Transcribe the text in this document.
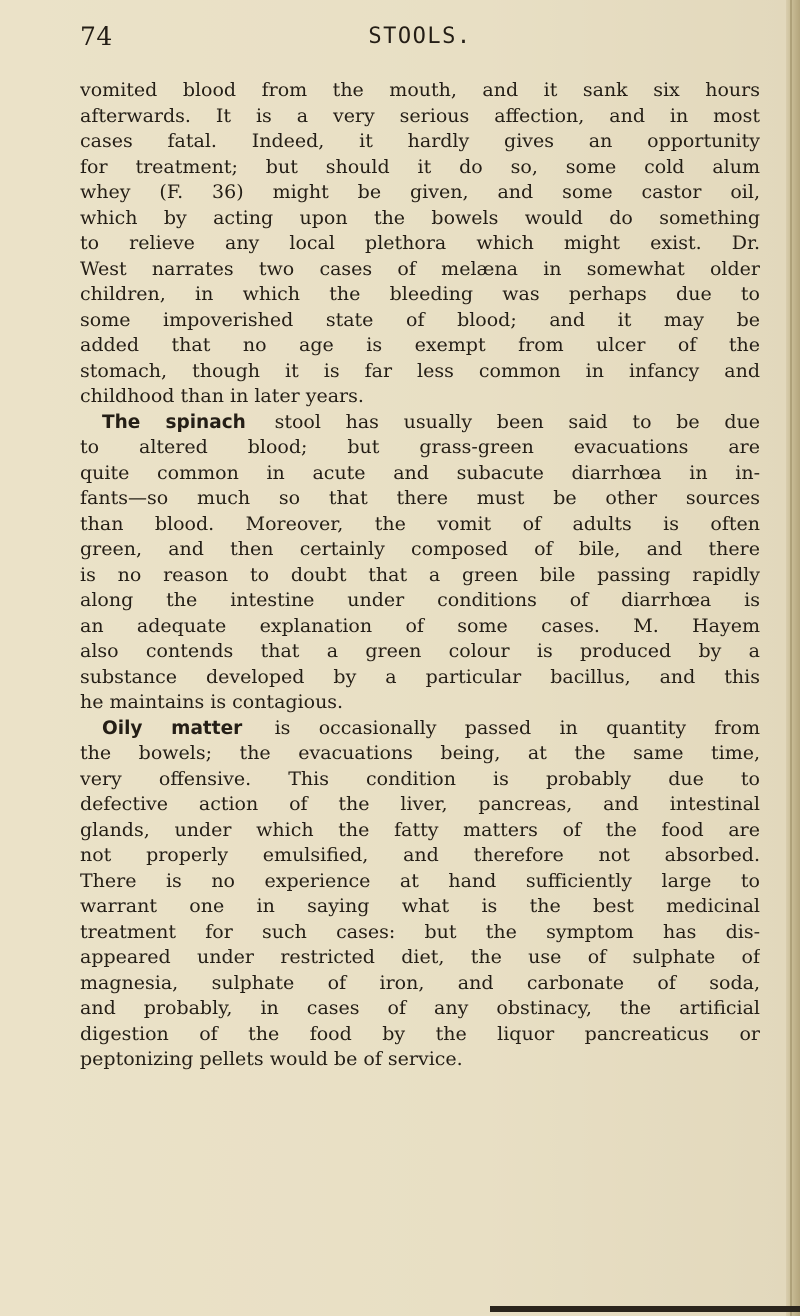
74	STOOLS.
vomited blood from the mouth, and it sank six hours
afterwards. It is a very serious affection, and in most
cases fatal. Indeed, it hardly gives an opportunity
for treatment; but should it do so, some cold alum
whey (F. 36) might be given, and some castor oil,
which by acting upon the bowels would do something
to relieve any local plethora which might exist. Dr.
West narrates two cases of melæna in somewhat older
children, in which the bleeding was perhaps due to
some impoverished state of blood; and it may be
added that no age is exempt from ulcer of the
stomach, though it is far less common in infancy and
childhood than in later years.
The spinach stool has usually been said to be due
to altered blood; but grass-green evacuations are
quite common in acute and subacute diarrhœa in in-
fants—so much so that there must be other sources
than blood. Moreover, the vomit of adults is often
green, and then certainly composed of bile, and there
is no reason to doubt that a green bile passing rapidly
along the intestine under conditions of diarrhœa is
an adequate explanation of some cases. M. Hayem
also contends that a green colour is produced by a
substance developed by a particular bacillus, and this
he maintains is contagious.
Oily matter is occasionally passed in quantity from
the bowels; the evacuations being, at the same time,
very offensive. This condition is probably due to
defective action of the liver, pancreas, and intestinal
glands, under which the fatty matters of the food are
not properly emulsified, and therefore not absorbed.
There is no experience at hand sufficiently large to
warrant one in saying what is the best medicinal
treatment for such cases: but the symptom has dis-
appeared under restricted diet, the use of sulphate of
magnesia, sulphate of iron, and carbonate of soda,
and probably, in cases of any obstinacy, the artificial
digestion of the food by the liquor pancreaticus or
peptonizing pellets would be of service.
